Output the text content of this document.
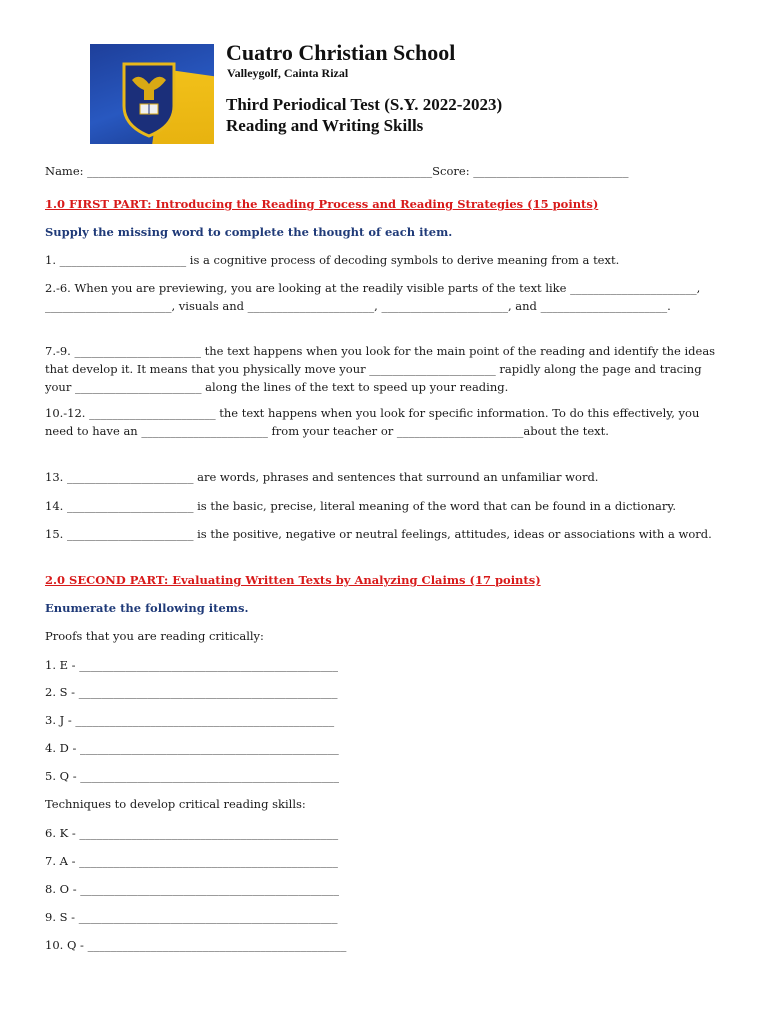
Cuatro Christian School
Valleygolf, Cainta Rizal
Third Periodical Test (S.Y. 2022-2023)
Reading and Writing Skills
Name: ____________________________________________________________Score: ___________________________
1.0 FIRST PART: Introducing the Reading Process and Reading Strategies (15 points)
Supply the missing word to complete the thought of each item.
1. ______________________ is a cognitive process of decoding symbols to derive meaning from a text.
2.-6. When you are previewing, you are looking at the readily visible parts of the text like ______________________, ______________________, visuals and ______________________, ______________________, and ______________________.
7.-9. ______________________ the text happens when you look for the main point of the reading and identify the ideas that develop it. It means that you physically move your ______________________ rapidly along the page and tracing your ______________________ along the lines of the text to speed up your reading.
10.-12. ______________________ the text happens when you look for specific information. To do this effectively, you need to have an ______________________ from your teacher or ______________________about the text.
13. ______________________ are words, phrases and sentences that surround an unfamiliar word.
14. ______________________ is the basic, precise, literal meaning of the word that can be found in a dictionary.
15. ______________________ is the positive, negative or neutral feelings, attitudes, ideas or associations with a word.
2.0 SECOND PART: Evaluating Written Texts by Analyzing Claims (17 points)
Enumerate the following items.
Proofs that you are reading critically:
1. E - _____________________________________________
2. S - _____________________________________________
3. J - _____________________________________________
4. D - _____________________________________________
5. Q - _____________________________________________
Techniques to develop critical reading skills:
6. K - _____________________________________________
7. A - _____________________________________________
8. O - _____________________________________________
9. S - _____________________________________________
10. Q - _____________________________________________
